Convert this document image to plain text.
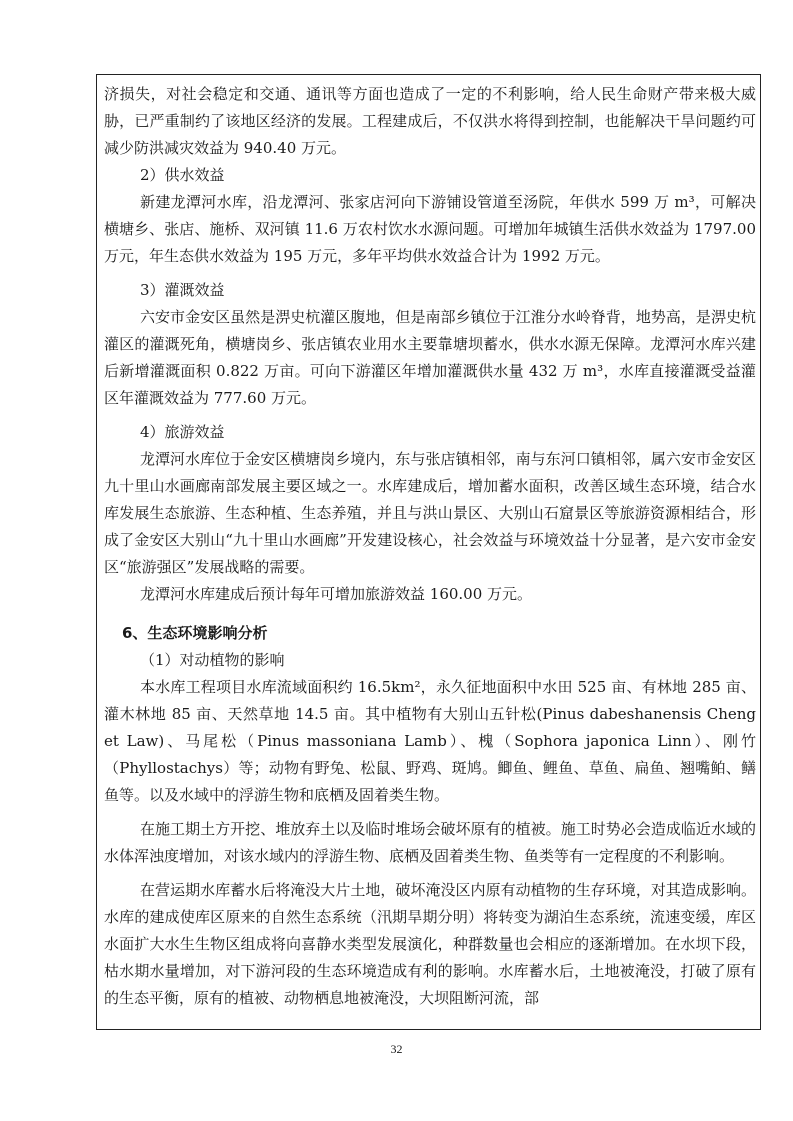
济损失，对社会稳定和交通、通讯等方面也造成了一定的不利影响，给人民生命财产带来极大威胁，已严重制约了该地区经济的发展。工程建成后，不仅洪水将得到控制，也能解决干旱问题约可减少防洪减灾效益为 940.40 万元。

2）供水效益

新建龙潭河水库，沿龙潭河、张家店河向下游铺设管道至汤院，年供水 599 万 m³，可解决横塘乡、张店、施桥、双河镇 11.6 万农村饮水水源问题。可增加年城镇生活供水效益为 1797.00 万元，年生态供水效益为 195 万元，多年平均供水效益合计为 1992 万元。

3）灌溉效益

六安市金安区虽然是淠史杭灌区腹地，但是南部乡镇位于江淮分水岭脊背，地势高，是淠史杭灌区的灌溉死角，横塘岗乡、张店镇农业用水主要靠塘坝蓄水，供水水源无保障。龙潭河水库兴建后新增灌溉面积 0.822 万亩。可向下游灌区年增加灌溉供水量 432 万 m³，水库直接灌溉受益灌区年灌溉效益为 777.60 万元。

4）旅游效益

龙潭河水库位于金安区横塘岗乡境内，东与张店镇相邻，南与东河口镇相邻，属六安市金安区九十里山水画廊南部发展主要区域之一。水库建成后，增加蓄水面积，改善区域生态环境，结合水库发展生态旅游、生态种植、生态养殖，并且与洪山景区、大别山石窟景区等旅游资源相结合，形成了金安区大别山“九十里山水画廊”开发建设核心，社会效益与环境效益十分显著，是六安市金安区“旅游强区”发展战略的需要。

龙潭河水库建成后预计每年可增加旅游效益 160.00 万元。

6、生态环境影响分析

（1）对动植物的影响

本水库工程项目水库流域面积约 16.5km²，永久征地面积中水田 525 亩、有林地 285 亩、灌木林地 85 亩、天然草地 14.5 亩。其中植物有大别山五针松(Pinus dabeshanensis Cheng et Law)、马尾松（Pinus massoniana Lamb）、槐（Sophora japonica Linn）、刚竹（Phyllostachys）等；动物有野兔、松鼠、野鸡、斑鸠。鲫鱼、鲤鱼、草鱼、扁鱼、翘嘴鲌、鳝鱼等。以及水域中的浮游生物和底栖及固着类生物。

在施工期土方开挖、堆放弃土以及临时堆场会破坏原有的植被。施工时势必会造成临近水域的水体浑浊度增加，对该水域内的浮游生物、底栖及固着类生物、鱼类等有一定程度的不利影响。

在营运期水库蓄水后将淹没大片土地，破坏淹没区内原有动植物的生存环境，对其造成影响。水库的建成使库区原来的自然生态系统（汛期旱期分明）将转变为湖泊生态系统，流速变缓，库区水面扩大水生生物区组成将向喜静水类型发展演化，种群数量也会相应的逐渐增加。在水坝下段，枯水期水量增加，对下游河段的生态环境造成有利的影响。水库蓄水后，土地被淹没，打破了原有的生态平衡，原有的植被、动物栖息地被淹没，大坝阻断河流，部

32
